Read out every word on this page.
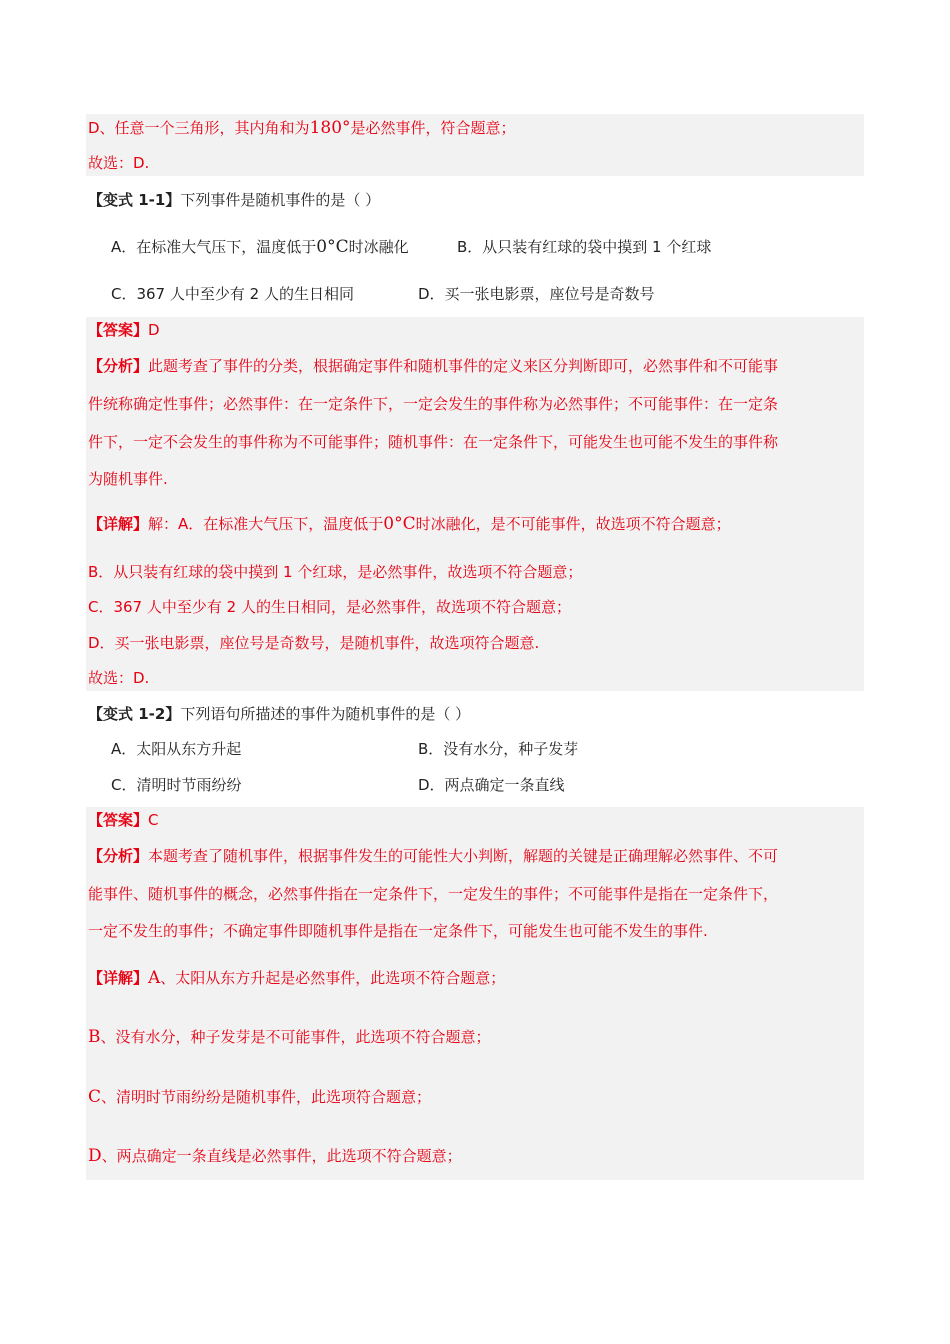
D、任意一个三角形，其内角和为180°是必然事件，符合题意；
故选：D.
【变式 1-1】下列事件是随机事件的是（ ）
A．在标准大气压下，温度低于0°C时冰融化	B．从只装有红球的袋中摸到 1 个红球
C．367 人中至少有 2 人的生日相同	D．买一张电影票，座位号是奇数号
【答案】D
【分析】此题考查了事件的分类，根据确定事件和随机事件的定义来区分判断即可，必然事件和不可能事
件统称确定性事件；必然事件：在一定条件下，一定会发生的事件称为必然事件；不可能事件：在一定条
件下，一定不会发生的事件称为不可能事件；随机事件：在一定条件下，可能发生也可能不发生的事件称
为随机事件.
【详解】解：A．在标准大气压下，温度低于0°C时冰融化，是不可能事件，故选项不符合题意；
B．从只装有红球的袋中摸到 1 个红球，是必然事件，故选项不符合题意；
C．367 人中至少有 2 人的生日相同，是必然事件，故选项不符合题意；
D．买一张电影票，座位号是奇数号，是随机事件，故选项符合题意.
故选：D.
【变式 1-2】下列语句所描述的事件为随机事件的是（ ）
A．太阳从东方升起	B．没有水分，种子发芽
C．清明时节雨纷纷	D．两点确定一条直线
【答案】C
【分析】本题考查了随机事件，根据事件发生的可能性大小判断，解题的关键是正确理解必然事件、不可
能事件、随机事件的概念，必然事件指在一定条件下，一定发生的事件；不可能事件是指在一定条件下，
一定不发生的事件；不确定事件即随机事件是指在一定条件下，可能发生也可能不发生的事件.
【详解】A、太阳从东方升起是必然事件，此选项不符合题意；
B、没有水分，种子发芽是不可能事件，此选项不符合题意；
C、清明时节雨纷纷是随机事件，此选项符合题意；
D、两点确定一条直线是必然事件，此选项不符合题意；
